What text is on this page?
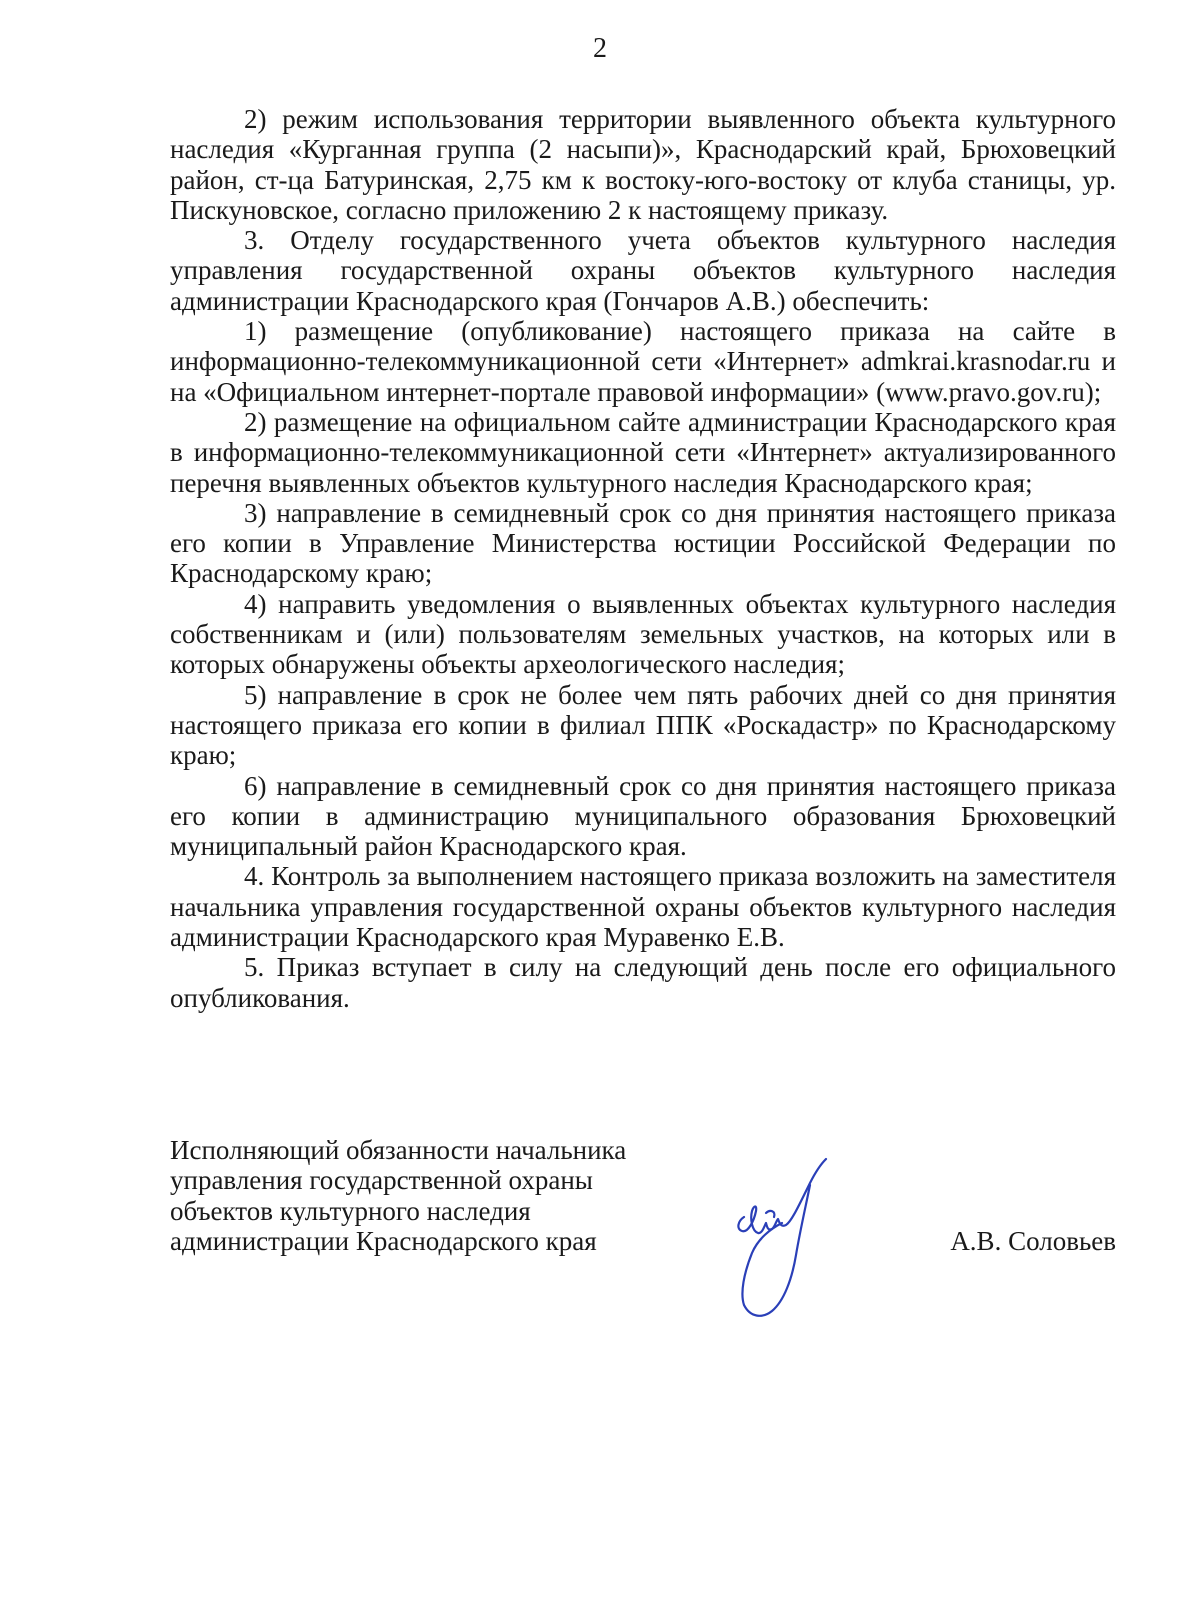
2

2) режим использования территории выявленного объекта культурного наследия «Курганная группа (2 насыпи)», Краснодарский край, Брюховецкий район, ст-ца Батуринская, 2,75 км к востоку-юго-востоку от клуба станицы, ур. Пискуновское, согласно приложению 2 к настоящему приказу.

3. Отделу государственного учета объектов культурного наследия управления государственной охраны объектов культурного наследия администрации Краснодарского края (Гончаров А.В.) обеспечить:

1) размещение (опубликование) настоящего приказа на сайте в информационно-телекоммуникационной сети «Интернет» admkrai.krasnodar.ru и на «Официальном интернет-портале правовой информации» (www.pravo.gov.ru);

2) размещение на официальном сайте администрации Краснодарского края в информационно-телекоммуникационной сети «Интернет» актуализированного перечня выявленных объектов культурного наследия Краснодарского края;

3) направление в семидневный срок со дня принятия настоящего приказа его копии в Управление Министерства юстиции Российской Федерации по Краснодарскому краю;

4) направить уведомления о выявленных объектах культурного наследия собственникам и (или) пользователям земельных участков, на которых или в которых обнаружены объекты археологического наследия;

5) направление в срок не более чем пять рабочих дней со дня принятия настоящего приказа его копии в филиал ППК «Роскадастр» по Краснодарскому краю;

6) направление в семидневный срок со дня принятия настоящего приказа его копии в администрацию муниципального образования Брюховецкий муниципальный район Краснодарского края.

4. Контроль за выполнением настоящего приказа возложить на заместителя начальника управления государственной охраны объектов культурного наследия администрации Краснодарского края Муравенко Е.В.

5. Приказ вступает в силу на следующий день после его официального опубликования.

Исполняющий обязанности начальника
управления государственной охраны
объектов культурного наследия
администрации Краснодарского края	А.В. Соловьев
